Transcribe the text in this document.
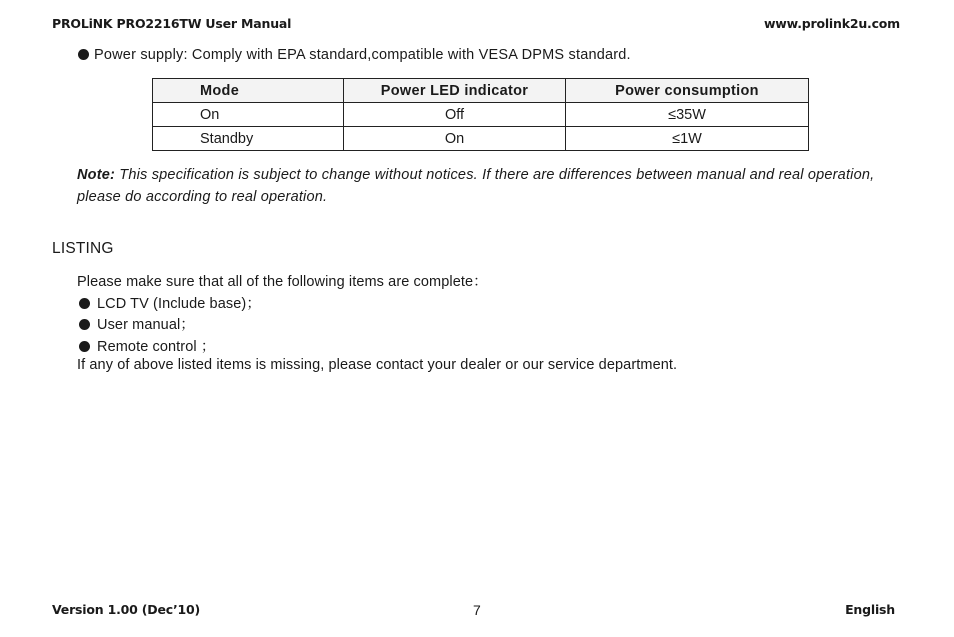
PROLiNK PRO2216TW User Manual	www.prolink2u.com
Power supply: Comply with EPA standard,compatible with VESA DPMS standard.
Mode	Power LED indicator	Power consumption
On	Off	≤35W
Standby	On	≤1W
Note: This specification is subject to change without notices. If there are differences between manual and real operation, please do according to real operation.
LISTING
Please make sure that all of the following items are complete：
LCD TV (Include base)；
User manual；
Remote control ；
If any of above listed items is missing, please contact your dealer or our service department.
Version 1.00 (Dec’10)	7	English
